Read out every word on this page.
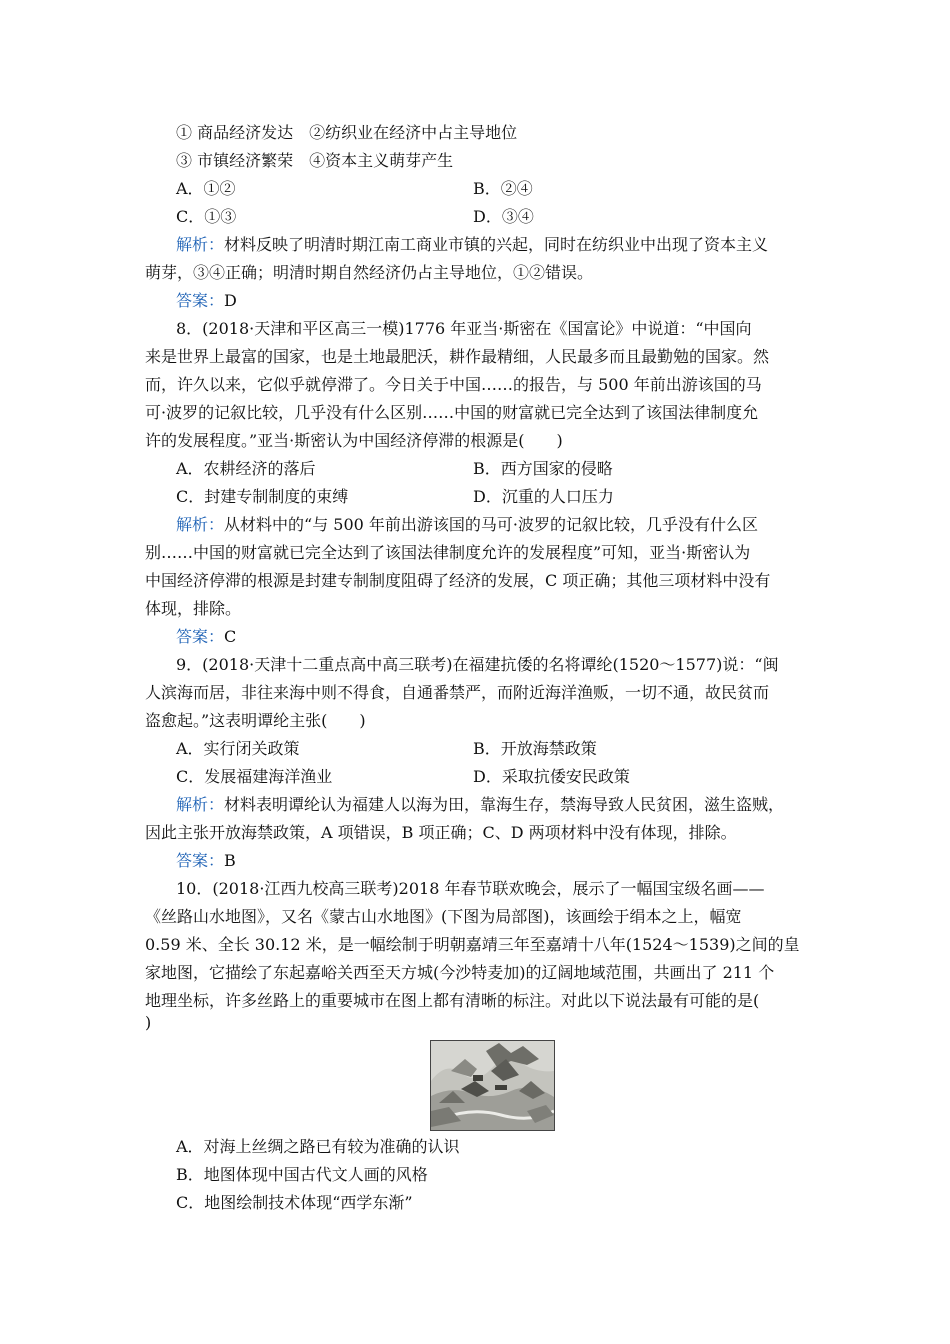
① 商品经济发达　②纺织业在经济中占主导地位
③ 市镇经济繁荣　④资本主义萌芽产生
A．①②	B．②④
C．①③	D．③④
解析：材料反映了明清时期江南工商业市镇的兴起，同时在纺织业中出现了资本主义
萌芽，③④正确；明清时期自然经济仍占主导地位，①②错误。
答案：D
8．(2018·天津和平区高三一模)1776 年亚当·斯密在《国富论》中说道：“中国向
来是世界上最富的国家，也是土地最肥沃，耕作最精细，人民最多而且最勤勉的国家。然
而，许久以来，它似乎就停滞了。今日关于中国……的报告，与 500 年前出游该国的马
可·波罗的记叙比较，几乎没有什么区别……中国的财富就已完全达到了该国法律制度允
许的发展程度。”亚当·斯密认为中国经济停滞的根源是(　　)
A．农耕经济的落后	B．西方国家的侵略
C．封建专制制度的束缚	D．沉重的人口压力
解析：从材料中的“与 500 年前出游该国的马可·波罗的记叙比较，几乎没有什么区
别……中国的财富就已完全达到了该国法律制度允许的发展程度”可知，亚当·斯密认为
中国经济停滞的根源是封建专制制度阻碍了经济的发展，C 项正确；其他三项材料中没有
体现，排除。
答案：C
9．(2018·天津十二重点高中高三联考)在福建抗倭的名将谭纶(1520～1577)说：“闽
人滨海而居，非往来海中则不得食，自通番禁严，而附近海洋渔贩，一切不通，故民贫而
盗愈起。”这表明谭纶主张(　　)
A．实行闭关政策	B．开放海禁政策
C．发展福建海洋渔业	D．采取抗倭安民政策
解析：材料表明谭纶认为福建人以海为田，靠海生存，禁海导致人民贫困，滋生盗贼，
因此主张开放海禁政策，A 项错误，B 项正确；C、D 两项材料中没有体现，排除。
答案：B
10．(2018·江西九校高三联考)2018 年春节联欢晚会，展示了一幅国宝级名画——
《丝路山水地图》，又名《蒙古山水地图》(下图为局部图)，该画绘于绢本之上，幅宽
0.59 米、全长 30.12 米，是一幅绘制于明朝嘉靖三年至嘉靖十八年(1524～1539)之间的皇
家地图，它描绘了东起嘉峪关西至天方城(今沙特麦加)的辽阔地域范围，共画出了 211 个
地理坐标，许多丝路上的重要城市在图上都有清晰的标注。对此以下说法最有可能的是(
)
A．对海上丝绸之路已有较为准确的认识
B．地图体现中国古代文人画的风格
C．地图绘制技术体现“西学东渐”
